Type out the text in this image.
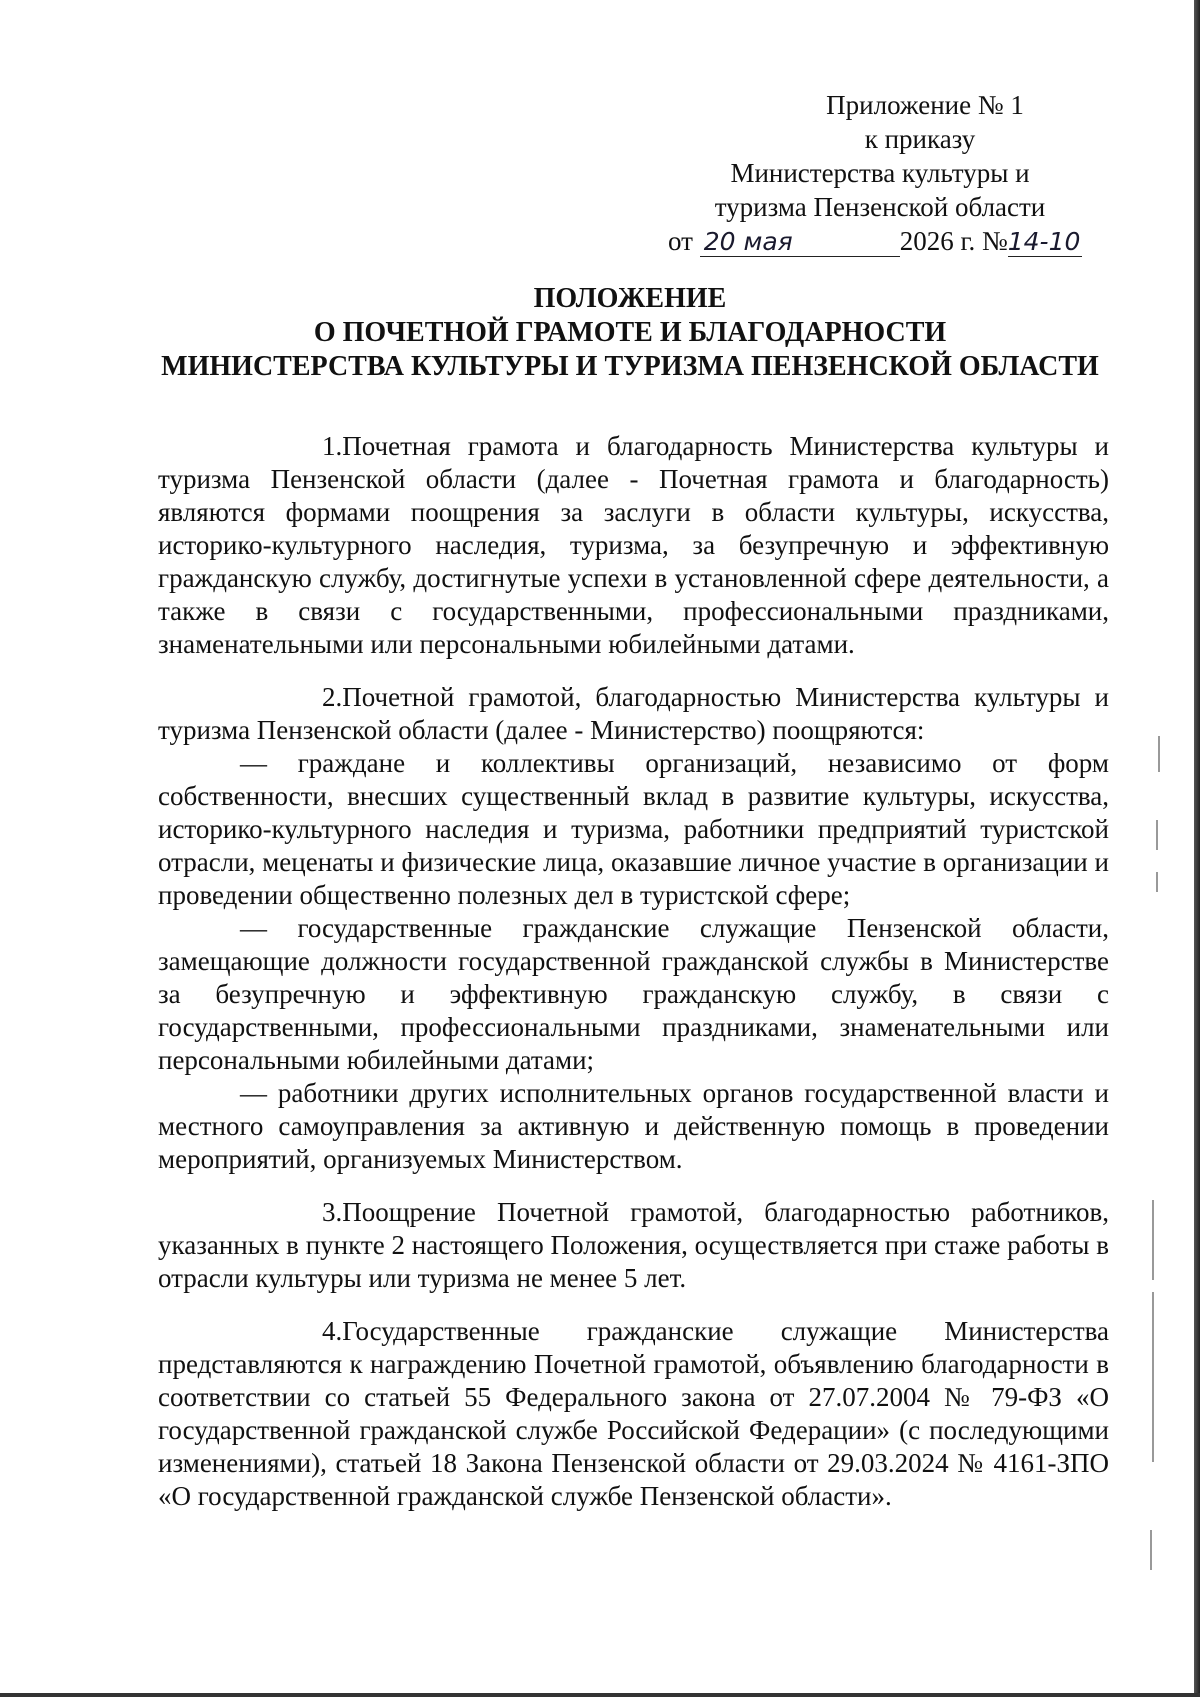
Приложение № 1
к приказу
Министерства культуры и
туризма Пензенской области
от 20 мая	2026 г. №14-10
ПОЛОЖЕНИЕ
О ПОЧЕТНОЙ ГРАМОТЕ И БЛАГОДАРНОСТИ
МИНИСТЕРСТВА КУЛЬТУРЫ И ТУРИЗМА ПЕНЗЕНСКОЙ ОБЛАСТИ

1.Почетная грамота и благодарность Министерства культуры и туризма Пензенской области (далее - Почетная грамота и благодарность) являются формами поощрения за заслуги в области культуры, искусства, историко-культурного наследия, туризма, за безупречную и эффективную гражданскую службу, достигнутые успехи в установленной сфере деятельности, а также в связи с государственными, профессиональными праздниками, знаменательными или персональными юбилейными датами.

2.Почетной грамотой, благодарностью Министерства культуры и туризма Пензенской области (далее - Министерство) поощряются:

— граждане и коллективы организаций, независимо от форм собственности, внесших существенный вклад в развитие культуры, искусства, историко-культурного наследия и туризма, работники предприятий туристской отрасли, меценаты и физические лица, оказавшие личное участие в организации и проведении общественно полезных дел в туристской сфере;

— государственные гражданские служащие Пензенской области, замещающие должности государственной гражданской службы в Министерстве за безупречную и эффективную гражданскую службу, в связи с государственными, профессиональными праздниками, знаменательными или персональными юбилейными датами;

— работники других исполнительных органов государственной власти и местного самоуправления за активную и действенную помощь в проведении мероприятий, организуемых Министерством.

3.Поощрение Почетной грамотой, благодарностью работников, указанных в пункте 2 настоящего Положения, осуществляется при стаже работы в отрасли культуры или туризма не менее 5 лет.

4.Государственные гражданские служащие Министерства представляются к награждению Почетной грамотой, объявлению благодарности в соответствии со статьей 55 Федерального закона от 27.07.2004 № 79-ФЗ «О государственной гражданской службе Российской Федерации» (с последующими изменениями), статьей 18 Закона Пензенской области от 29.03.2024 № 4161-ЗПО «О государственной гражданской службе Пензенской области».
